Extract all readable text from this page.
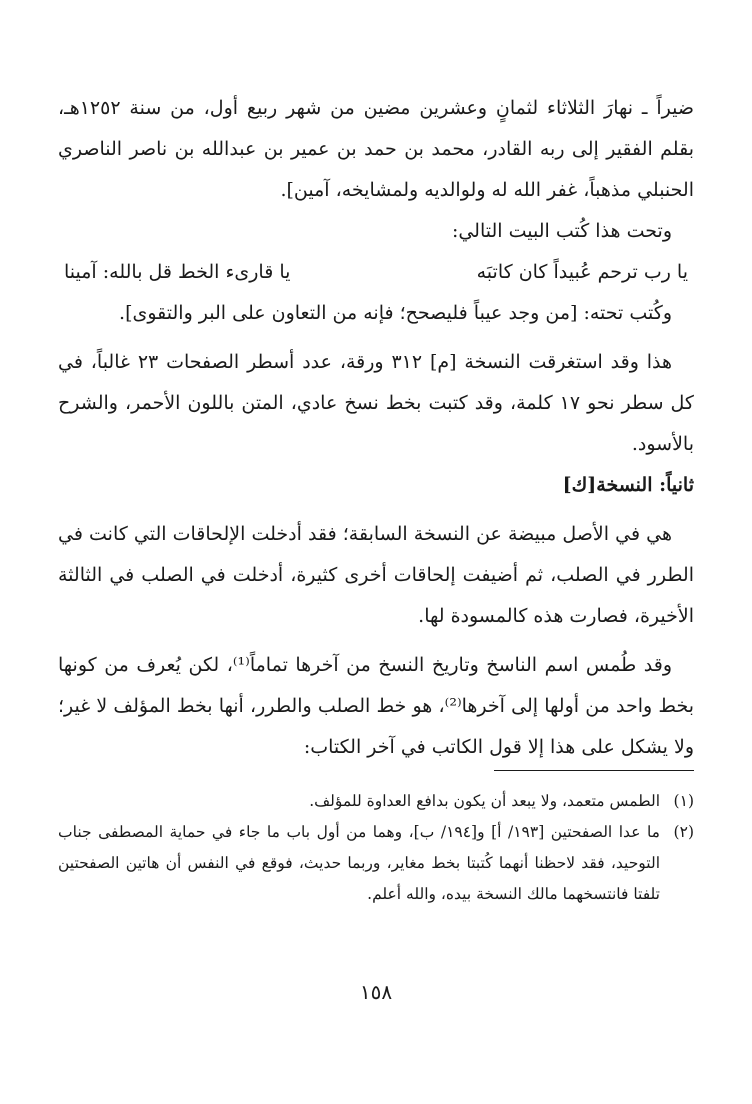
ضيراً ـ نهارَ الثلاثاء لثمانٍ وعشرين مضين من شهر ربيع أول، من سنة ١٢٥٢هـ، بقلم الفقير إلى ربه القادر، محمد بن حمد بن عمير بن عبدالله بن ناصر الناصري الحنبلي مذهباً، غفر الله له ولوالديه ولمشايخه، آمين].

وتحت هذا كُتب البيت التالي:

يا رب ترحم عُبيداً كان كاتبَه
يا قارىء الخط قل بالله: آمينا

وكُتب تحته: [من وجد عيباً فليصحح؛ فإنه من التعاون على البر والتقوى].

هذا وقد استغرقت النسخة [م] ٣١٢ ورقة، عدد أسطر الصفحات ٢٣ غالباً، في كل سطر نحو ١٧ كلمة، وقد كتبت بخط نسخ عادي، المتن باللون الأحمر، والشرح بالأسود.

ثانياً: النسخة[ك]

هي في الأصل مبيضة عن النسخة السابقة؛ فقد أدخلت الإلحاقات التي كانت في الطرر في الصلب، ثم أضيفت إلحاقات أخرى كثيرة، أدخلت في الصلب في الثالثة الأخيرة، فصارت هذه كالمسودة لها.

وقد طُمس اسم الناسخ وتاريخ النسخ من آخرها تماماً⁽¹⁾، لكن يُعرف من كونها بخط واحد من أولها إلى آخرها⁽²⁾، هو خط الصلب والطرر، أنها بخط المؤلف لا غير؛ ولا يشكل على هذا إلا قول الكاتب في آخر الكتاب:

(١)
الطمس متعمد، ولا يبعد أن يكون بدافع العداوة للمؤلف.
(٢)
ما عدا الصفحتين [١٩٣/ أ] و[١٩٤/ ب]، وهما من أول باب ما جاء في حماية المصطفى جناب التوحيد، فقد لاحظنا أنهما كُتبتا بخط مغاير، وربما حديث، فوقع في النفس أن هاتين الصفحتين تلفتا فانتسخهما مالك النسخة بيده، والله أعلم.
١٥٨
